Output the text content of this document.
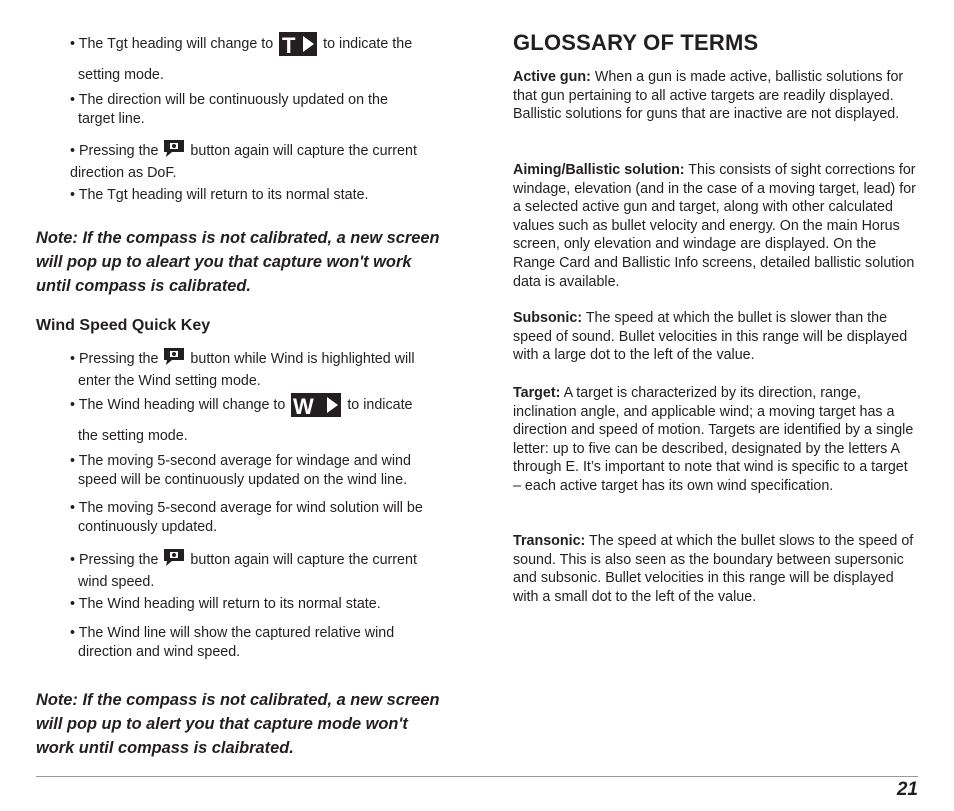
• The Tgt heading will change to T to indicate the
setting mode.
• The direction will be continuously updated on the
target line.
• Pressing the button again will capture the current
direction as DoF.
• The Tgt heading will return to its normal state.
Note: If the compass is not calibrated, a new screen will pop up to aleart you that capture won't work until compass is calibrated.
Wind Speed Quick Key
• Pressing the button while Wind is highlighted will
enter the Wind setting mode.
• The Wind heading will change to W to indicate
the setting mode.
• The moving 5-second average for windage and wind
speed will be continuously updated on the wind line.
• The moving 5-second average for wind solution will be
continuously updated.
• Pressing the button again will capture the current
wind speed.
• The Wind heading will return to its normal state.
• The Wind line will show the captured relative wind
direction and wind speed.
Note: If the compass is not calibrated, a new screen will pop up to alert you that capture mode won't work until compass is claibrated.
GLOSSARY OF TERMS
Active gun: When a gun is made active, ballistic solutions for that gun pertaining to all active targets are readily displayed. Ballistic solutions for guns that are inactive are not displayed.
Aiming/Ballistic solution: This consists of sight corrections for windage, elevation (and in the case of a moving target, lead) for a selected active gun and target, along with other calculated values such as bullet velocity and energy. On the main Horus screen, only elevation and windage are displayed. On the Range Card and Ballistic Info screens, detailed ballistic solution data is available.
Subsonic: The speed at which the bullet is slower than the speed of sound. Bullet velocities in this range will be displayed with a large dot to the left of the value.
Target: A target is characterized by its direction, range, inclination angle, and applicable wind; a moving target has a direction and speed of motion. Targets are identified by a single letter: up to five can be described, designated by the letters A through E. It’s important to note that wind is specific to a target – each active target has its own wind specification.
Transonic: The speed at which the bullet slows to the speed of sound. This is also seen as the boundary between supersonic and subsonic. Bullet velocities in this range will be displayed with a small dot to the left of the value.
21
